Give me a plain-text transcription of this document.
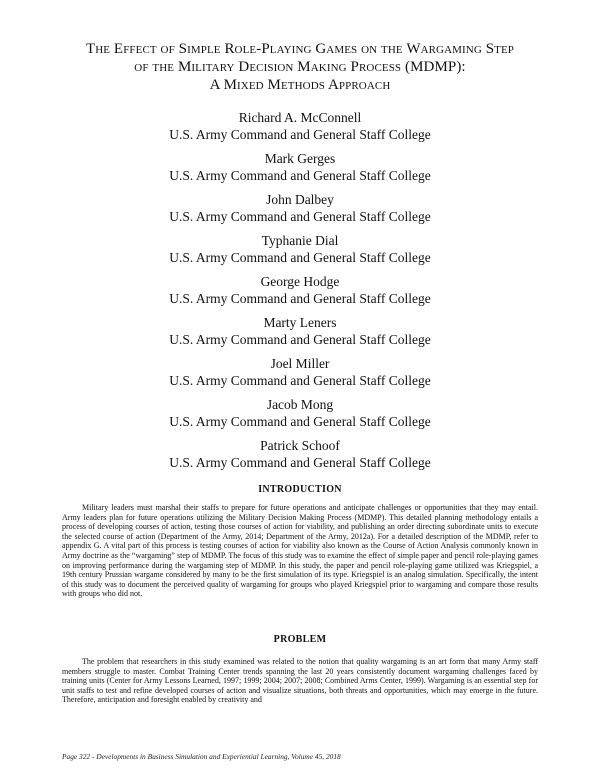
The Effect of Simple Role-Playing Games on the Wargaming Step
of the Military Decision Making Process (MDMP):
A Mixed Methods Approach
Richard A. McConnell
U.S. Army Command and General Staff College
Mark Gerges
U.S. Army Command and General Staff College
John Dalbey
U.S. Army Command and General Staff College
Typhanie Dial
U.S. Army Command and General Staff College
George Hodge
U.S. Army Command and General Staff College
Marty Leners
U.S. Army Command and General Staff College
Joel Miller
U.S. Army Command and General Staff College
Jacob Mong
U.S. Army Command and General Staff College
Patrick Schoof
U.S. Army Command and General Staff College
INTRODUCTION

Military leaders must marshal their staffs to prepare for future operations and anticipate challenges or opportunities that they may entail. Army leaders plan for future operations utilizing the Military Decision Making Process (MDMP). This detailed planning methodology entails a process of developing courses of action, testing those courses of action for viability, and publishing an order directing subordinate units to execute the selected course of action (Department of the Army, 2014; Department of the Army, 2012a). For a detailed description of the MDMP, refer to appendix G. A vital part of this process is testing courses of action for viability also known as the Course of Action Analysis commonly known in Army doctrine as the “wargaming” step of MDMP. The focus of this study was to examine the effect of simple paper and pencil role-playing games on improving performance during the wargaming step of MDMP. In this study, the paper and pencil role-playing game utilized was Kriegspiel, a 19th century Prussian wargame considered by many to be the first simulation of its type. Kriegspiel is an analog simulation. Specifically, the intent of this study was to document the perceived quality of wargaming for groups who played Kriegspiel prior to wargaming and compare those results with groups who did not.

PROBLEM

The problem that researchers in this study examined was related to the notion that quality wargaming is an art form that many Army staff members struggle to master. Combat Training Center trends spanning the last 20 years consistently document wargaming challenges faced by training units (Center for Army Lessons Learned, 1997; 1999; 2004; 2007; 2008; Combined Arms Center, 1999). Wargaming is an essential step for unit staffs to test and refine developed courses of action and visualize situations, both threats and opportunities, which may emerge in the future. Therefore, anticipation and foresight enabled by creativity and

Page 322 - Developments in Business Simulation and Experiential Learning, Volume 45, 2018
